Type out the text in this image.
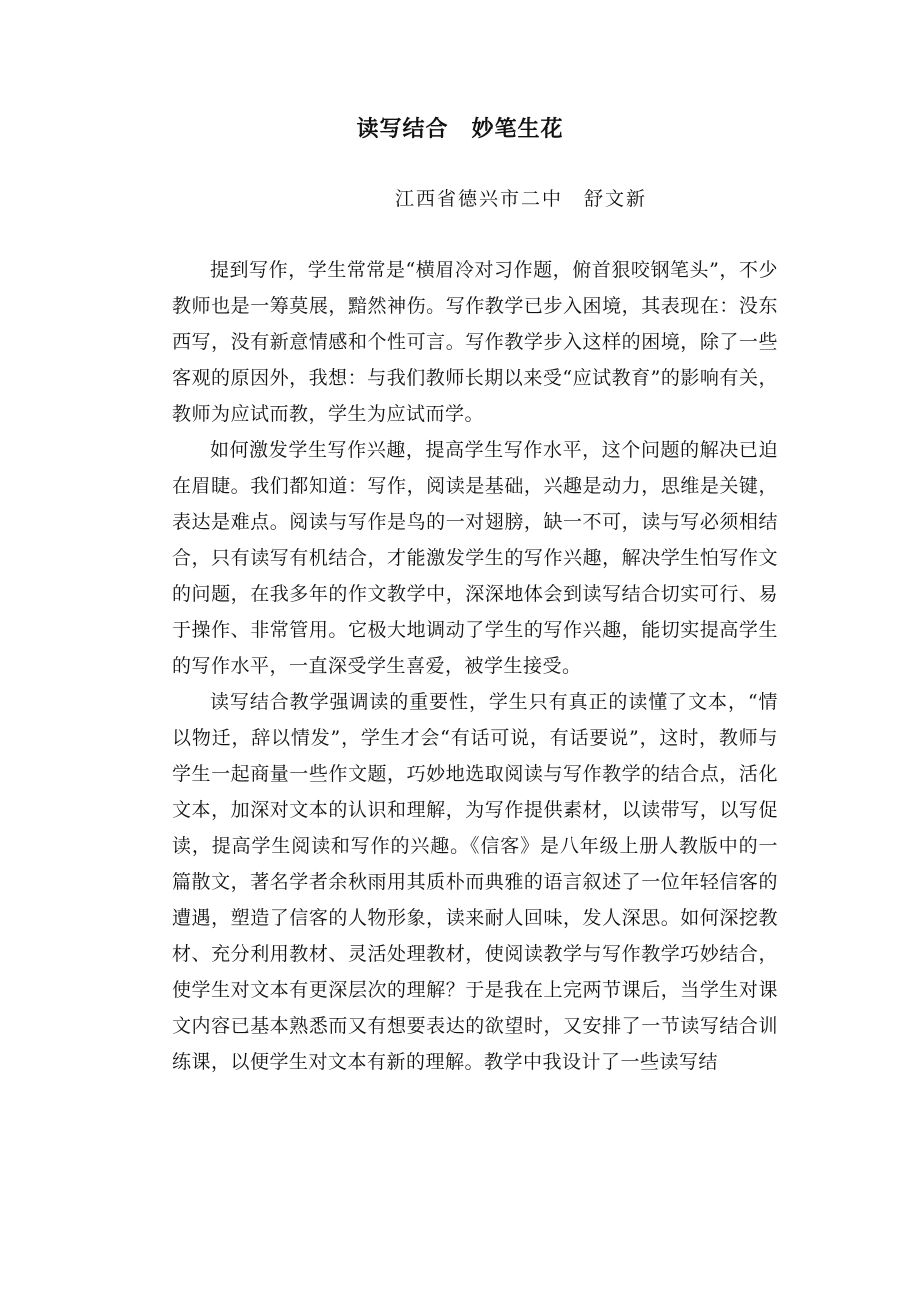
读写结合　妙笔生花
江西省德兴市二中　舒文新

提到写作，学生常常是“横眉冷对习作题，俯首狠咬钢笔头”，不少教师也是一筹莫展，黯然神伤。写作教学已步入困境，其表现在：没东西写，没有新意情感和个性可言。写作教学步入这样的困境，除了一些客观的原因外，我想：与我们教师长期以来受“应试教育”的影响有关，教师为应试而教，学生为应试而学。

如何激发学生写作兴趣，提高学生写作水平，这个问题的解决已迫在眉睫。我们都知道：写作，阅读是基础，兴趣是动力，思维是关键，表达是难点。阅读与写作是鸟的一对翅膀，缺一不可，读与写必须相结合，只有读写有机结合，才能激发学生的写作兴趣，解决学生怕写作文的问题，在我多年的作文教学中，深深地体会到读写结合切实可行、易于操作、非常管用。它极大地调动了学生的写作兴趣，能切实提高学生的写作水平，一直深受学生喜爱，被学生接受。

读写结合教学强调读的重要性，学生只有真正的读懂了文本，“情以物迁，辞以情发”，学生才会“有话可说，有话要说”，这时，教师与学生一起商量一些作文题，巧妙地选取阅读与写作教学的结合点，活化文本，加深对文本的认识和理解，为写作提供素材，以读带写，以写促读，提高学生阅读和写作的兴趣。《信客》是八年级上册人教版中的一篇散文，著名学者余秋雨用其质朴而典雅的语言叙述了一位年轻信客的遭遇，塑造了信客的人物形象，读来耐人回味，发人深思。如何深挖教材、充分利用教材、灵活处理教材，使阅读教学与写作教学巧妙结合，使学生对文本有更深层次的理解？于是我在上完两节课后，当学生对课文内容已基本熟悉而又有想要表达的欲望时，又安排了一节读写结合训练课，以便学生对文本有新的理解。教学中我设计了一些读写结
